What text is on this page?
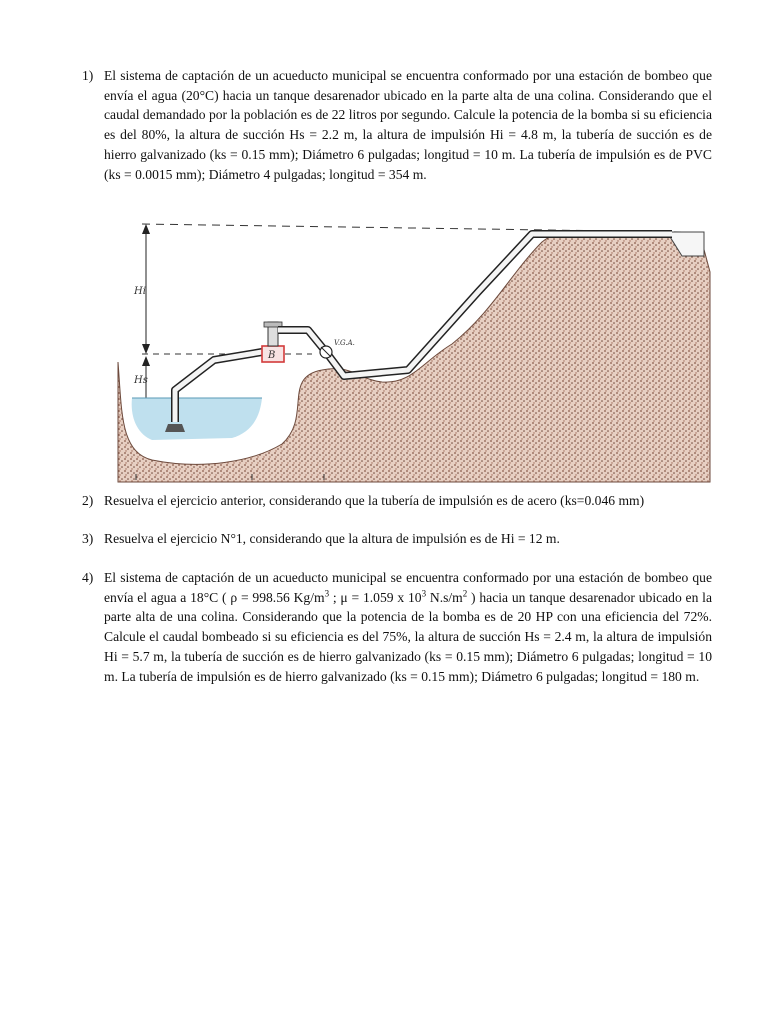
1) El sistema de captación de un acueducto municipal se encuentra conformado por una estación de bombeo que envía el agua (20°C) hacia un tanque desarenador ubicado en la parte alta de una colina. Considerando que el caudal demandado por la población es de 22 litros por segundo. Calcule la potencia de la bomba si su eficiencia es del 80%, la altura de succión Hs = 2.2 m, la altura de impulsión Hi = 4.8 m, la tubería de succión es de hierro galvanizado (ks = 0.15 mm); Diámetro 6 pulgadas; longitud = 10 m. La tubería de impulsión es de PVC (ks = 0.0015 mm); Diámetro 4 pulgadas; longitud = 354 m.
Hi
Hs
B
V.G.A.
2) Resuelva el ejercicio anterior, considerando que la tubería de impulsión es de acero (ks=0.046 mm)
3) Resuelva el ejercicio N°1, considerando que la altura de impulsión es de Hi = 12 m.
4) El sistema de captación de un acueducto municipal se encuentra conformado por una estación de bombeo que envía el agua a 18°C ( ρ = 998.56 $Kg/m^3$ ; μ = 1.059 x $10^3$ $N.s/m^2$ ) hacia un tanque desarenador ubicado en la parte alta de una colina. Considerando que la potencia de la bomba es de 20 HP con una eficiencia del 72%. Calcule el caudal bombeado si su eficiencia es del 75%, la altura de succión Hs = 2.4 m, la altura de impulsión Hi = 5.7 m, la tubería de succión es de hierro galvanizado (ks = 0.15 mm); Diámetro 6 pulgadas; longitud = 10 m. La tubería de impulsión es de hierro galvanizado (ks = 0.15 mm); Diámetro 6 pulgadas; longitud = 180 m.
